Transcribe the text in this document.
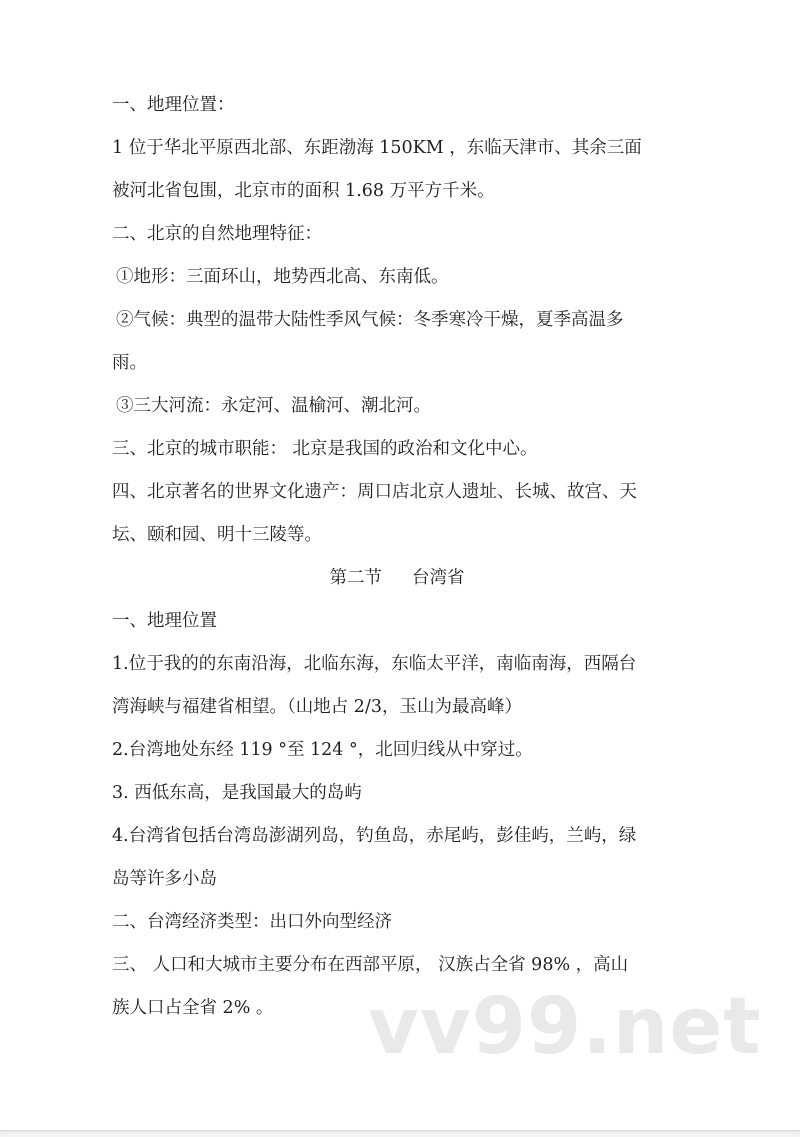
一、地理位置：
1 位于华北平原西北部、东距渤海 150KM ，东临天津市、其余三面
被河北省包围，北京市的面积 1.68 万平方千米。
二、北京的自然地理特征：
①地形：三面环山，地势西北高、东南低。
②气候：典型的温带大陆性季风气候：冬季寒冷干燥，夏季高温多
雨。
③三大河流：永定河、温榆河、潮北河。
三、北京的城市职能： 北京是我国的政治和文化中心。
四、北京著名的世界文化遗产：周口店北京人遗址、长城、故宫、天
坛、颐和园、明十三陵等。
第二节 台湾省
一、地理位置
1.位于我的的东南沿海，北临东海，东临太平洋，南临南海，西隔台
湾海峡与福建省相望。（山地占 2/3，玉山为最高峰）
2.台湾地处东经 119 °至 124 °，北回归线从中穿过。
3. 西低东高，是我国最大的岛屿
4.台湾省包括台湾岛澎湖列岛，钓鱼岛，赤尾屿，彭佳屿，兰屿，绿
岛等许多小岛
二、台湾经济类型：出口外向型经济
三、 人口和大城市主要分布在西部平原， 汉族占全省 98% ，高山
族人口占全省 2% 。	vv99.net
